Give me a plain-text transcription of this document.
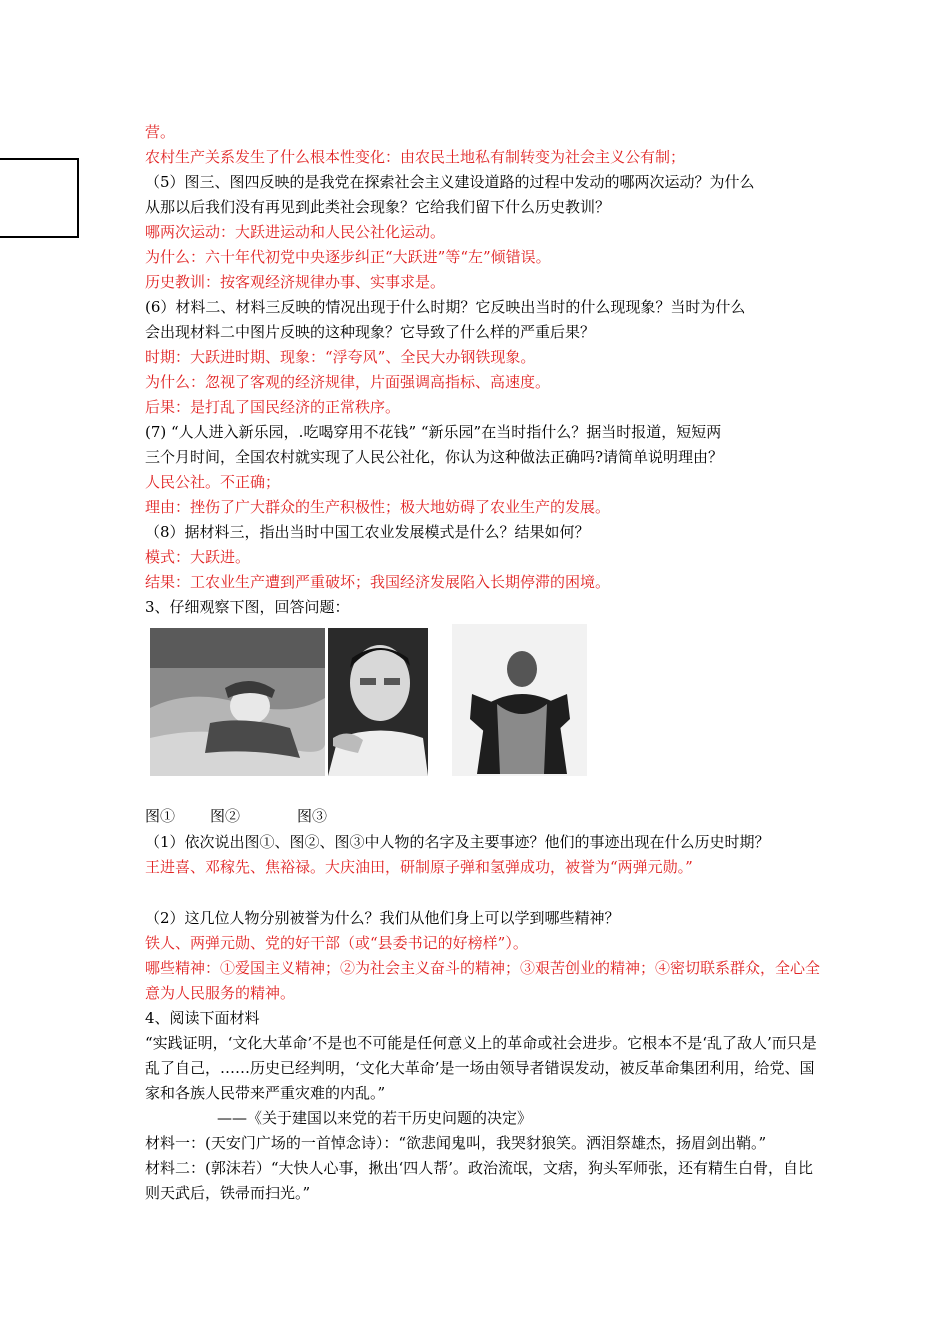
营。
农村生产关系发生了什么根本性变化：由农民土地私有制转变为社会主义公有制；
（5）图三、图四反映的是我党在探索社会主义建设道路的过程中发动的哪两次运动？为什么
从那以后我们没有再见到此类社会现象？它给我们留下什么历史教训？
哪两次运动：大跃进运动和人民公社化运动。
为什么：六十年代初党中央逐步纠正“大跃进”等“左”倾错误。
历史教训：按客观经济规律办事、实事求是。
(6）材料二、材料三反映的情况出现于什么时期？它反映出当时的什么现现象？当时为什么
会出现材料二中图片反映的这种现象？它导致了什么样的严重后果？
时期：大跃进时期、现象：“浮夸风”、全民大办钢铁现象。
为什么：忽视了客观的经济规律，片面强调高指标、高速度。
后果：是打乱了国民经济的正常秩序。
(7) “人人进入新乐园，.吃喝穿用不花钱” “新乐园”在当时指什么？据当时报道，短短两
三个月时间，全国农村就实现了人民公社化，你认为这种做法正确吗?请简单说明理由？
人民公社。不正确；
理由：挫伤了广大群众的生产积极性；极大地妨碍了农业生产的发展。
（8）据材料三，指出当时中国工农业发展模式是什么？结果如何？
模式：大跃进。
结果：工农业生产遭到严重破坏；我国经济发展陷入长期停滞的困境。
3、仔细观察下图，回答问题：
图① 图②	图③
（1）依次说出图①、图②、图③中人物的名字及主要事迹？他们的事迹出现在什么历史时期？
王进喜、邓稼先、焦裕禄。大庆油田，研制原子弹和氢弹成功，被誉为“两弹元勋。”
（2）这几位人物分别被誉为什么？我们从他们身上可以学到哪些精神？
铁人、两弹元勋、党的好干部（或“县委书记的好榜样”）。
哪些精神：①爱国主义精神；②为社会主义奋斗的精神；③艰苦创业的精神；④密切联系群众，全心全意为人民服务的精神。
4、阅读下面材料
“实践证明，‘文化大革命’不是也不可能是任何意义上的革命或社会进步。它根本不是‘乱了敌人’而只是乱了自己，……历史已经判明，‘文化大革命’是一场由领导者错误发动，被反革命集团利用，给党、国家和各族人民带来严重灾难的内乱。”
——《关于建国以来党的若干历史问题的决定》
材料一：(天安门广场的一首悼念诗）：“欲悲闻鬼叫，我哭豺狼笑。洒泪祭雄杰，扬眉剑出鞘。”
材料二：(郭沫若）“大快人心事，揪出‘四人帮’。政治流氓，文痞，狗头军师张，还有精生白骨，自比则天武后，铁帚而扫光。”
